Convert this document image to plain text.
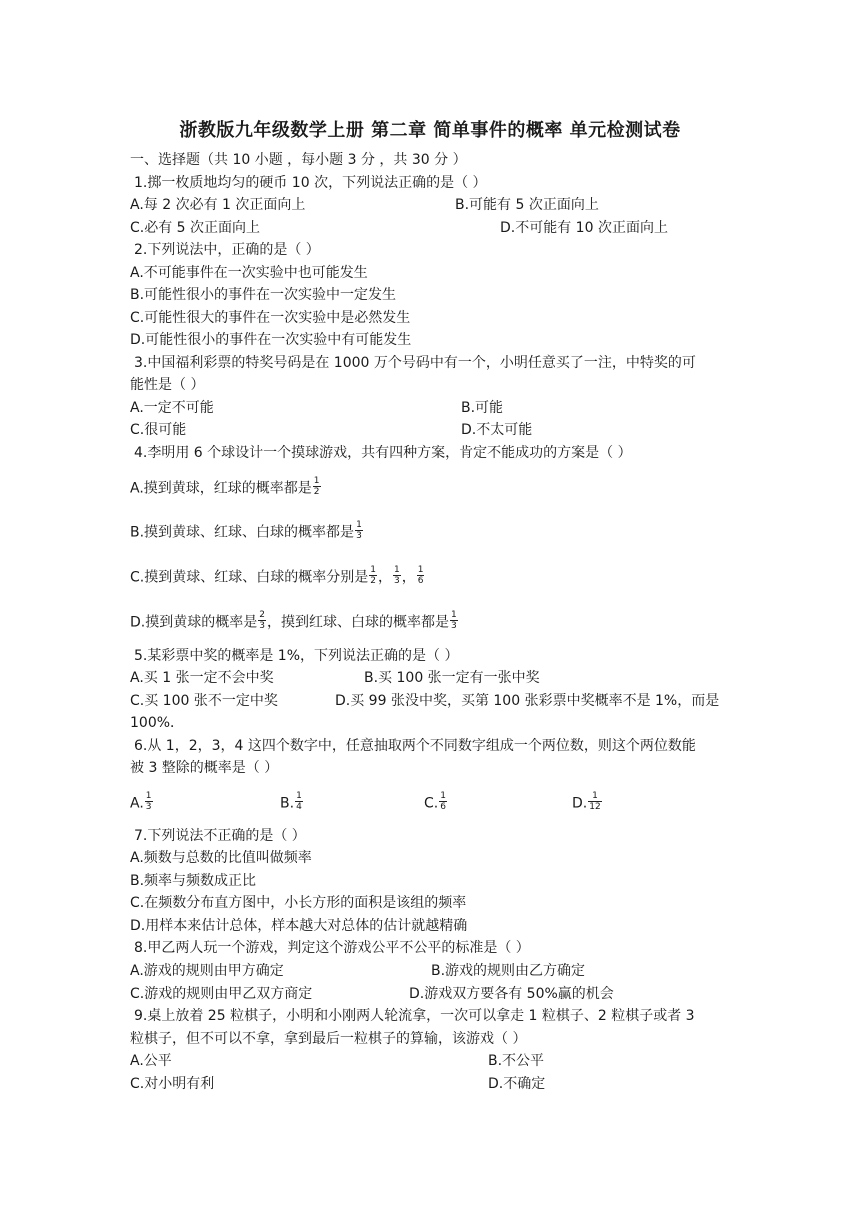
浙教版九年级数学上册 第二章 简单事件的概率 单元检测试卷
一、选择题（共 10 小题 ，每小题 3 分 ，共 30 分 ）
1.掷一枚质地均匀的硬币 10 次，下列说法正确的是（ ）
A.每 2 次必有 1 次正面向上	B.可能有 5 次正面向上
C.必有 5 次正面向上	D.不可能有 10 次正面向上
2.下列说法中，正确的是（ ）
A.不可能事件在一次实验中也可能发生
B.可能性很小的事件在一次实验中一定发生
C.可能性很大的事件在一次实验中是必然发生
D.可能性很小的事件在一次实验中有可能发生
3.中国福利彩票的特奖号码是在 1000 万个号码中有一个，小明任意买了一注，中特奖的可
能性是（ ）
A.一定不可能	B.可能
C.很可能	D.不太可能
4.李明用 6 个球设计一个摸球游戏，共有四种方案，肯定不能成功的方案是（ ）
A.摸到黄球，红球的概率都是 $\frac{1}{2}$
B.摸到黄球、红球、白球的概率都是 $\frac{1}{3}$
C.摸到黄球、红球、白球的概率分别是 $\frac{1}{2}$ ， $\frac{1}{3}$ ， $\frac{1}{6}$
D.摸到黄球的概率是 $\frac{2}{3}$ ，摸到红球、白球的概率都是 $\frac{1}{3}$
5.某彩票中奖的概率是 1%，下列说法正确的是（ ）
A.买 1 张一定不会中奖	B.买 100 张一定有一张中奖
C.买 100 张不一定中奖	D.买 99 张没中奖，买第 100 张彩票中奖概率不是 1%，而是
100%．
6.从 1，2，3，4 这四个数字中，任意抽取两个不同数字组成一个两位数，则这个两位数能
被 3 整除的概率是（ ）
A. $\frac{1}{3}$	B. $\frac{1}{4}$	C. $\frac{1}{6}$	D. $\frac{1}{12}$
7.下列说法不正确的是（ ）
A.频数与总数的比值叫做频率
B.频率与频数成正比
C.在频数分布直方图中，小长方形的面积是该组的频率
D.用样本来估计总体，样本越大对总体的估计就越精确
8.甲乙两人玩一个游戏，判定这个游戏公平不公平的标准是（ ）
A.游戏的规则由甲方确定	B.游戏的规则由乙方确定
C.游戏的规则由甲乙双方商定	D.游戏双方要各有 50%赢的机会
9.桌上放着 25 粒棋子，小明和小刚两人轮流拿，一次可以拿走 1 粒棋子、2 粒棋子或者 3
粒棋子，但不可以不拿，拿到最后一粒棋子的算输，该游戏（ ）
A.公平	B.不公平
C.对小明有利	D.不确定
